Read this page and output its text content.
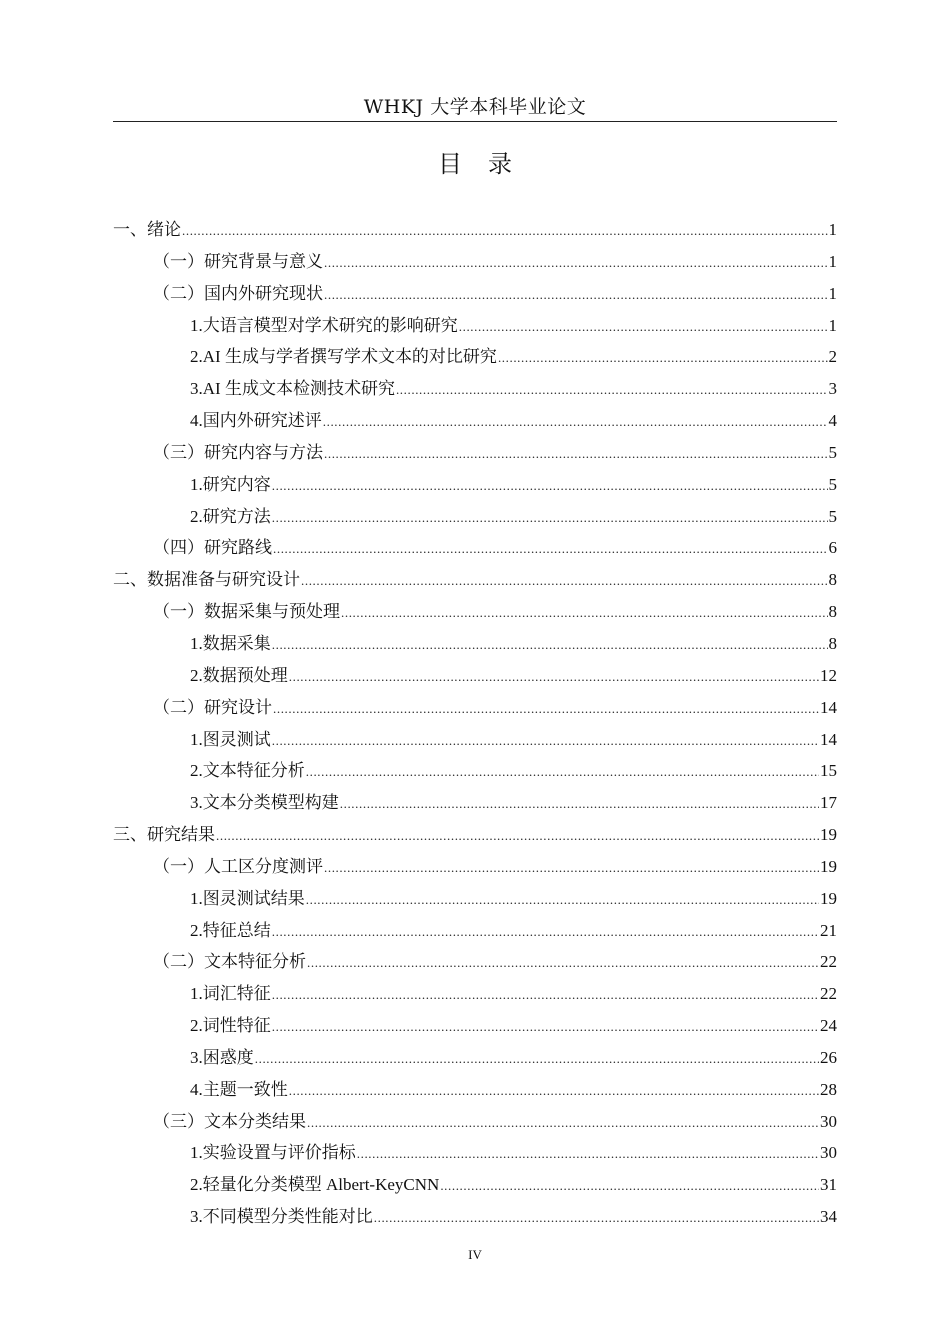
WHKJ 大学本科毕业论文
目录
一、绪论 .....	1
（一）研究背景与意义 .....	1
（二）国内外研究现状 .....	1
1.大语言模型对学术研究的影响研究 .....	1
2.AI 生成与学者撰写学术文本的对比研究 .....	2
3.AI 生成文本检测技术研究 .....	3
4.国内外研究述评 .....	4
（三）研究内容与方法 .....	5
1.研究内容 .....	5
2.研究方法 .....	5
（四）研究路线 .....	6
二、数据准备与研究设计 .....	8
（一）数据采集与预处理 .....	8
1.数据采集 .....	8
2.数据预处理 .....	12
（二）研究设计 .....	14
1.图灵测试 .....	14
2.文本特征分析 .....	15
3.文本分类模型构建 .....	17
三、研究结果 .....	19
（一）人工区分度测评 .....	19
1.图灵测试结果 .....	19
2.特征总结 .....	21
（二）文本特征分析 .....	22
1.词汇特征 .....	22
2.词性特征 .....	24
3.困惑度 .....	26
4.主题一致性 .....	28
（三）文本分类结果 .....	30
1.实验设置与评价指标 .....	30
2.轻量化分类模型 Albert-KeyCNN .....	31
3.不同模型分类性能对比 .....	34
IV
